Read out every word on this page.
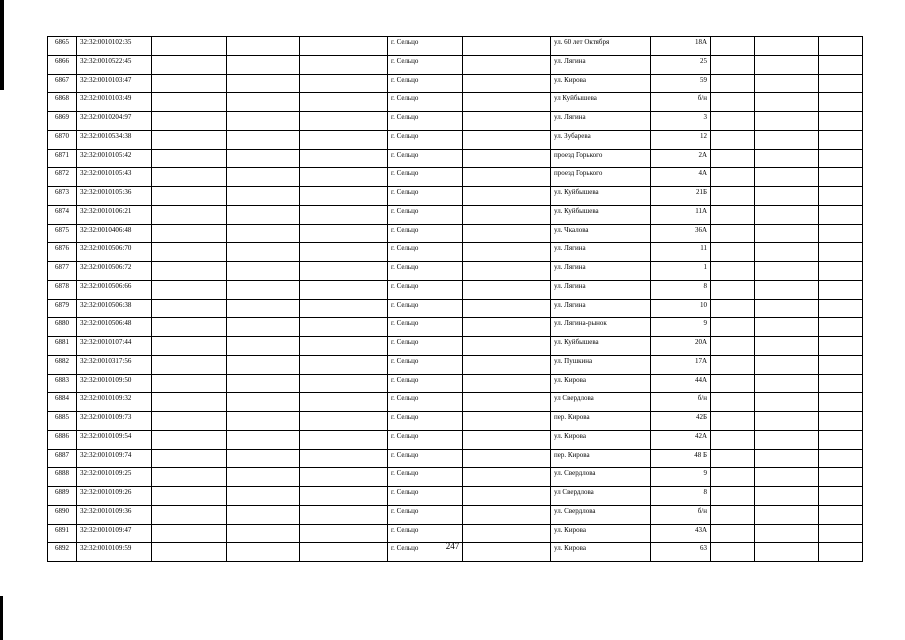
6865	32:32:0010102:35				г. Сельцо		ул. 60 лет Октября	18А			
6866	32:32:0010522:45				г. Сельцо		ул. Лягина	25			
6867	32:32:0010103:47				г. Сельцо		ул. Кирова	59			
6868	32:32:0010103:49				г. Сельцо		ул Куйбышева	б/н			
6869	32:32:0010204:97				г. Сельцо		ул. Лягина	3			
6870	32:32:0010534:38				г. Сельцо		ул. Зубарева	12			
6871	32:32:0010105:42				г. Сельцо		проезд Горького	2А			
6872	32:32:0010105:43				г. Сельцо		проезд Горького	4А			
6873	32:32:0010105:36				г. Сельцо		ул. Куйбышева	21Б			
6874	32:32:0010106:21				г. Сельцо		ул. Куйбышева	11А			
6875	32:32:0010406:48				г. Сельцо		ул. Чкалова	36А			
6876	32:32:0010506:70				г. Сельцо		ул. Лягина	11			
6877	32:32:0010506:72				г. Сельцо		ул. Лягина	1			
6878	32:32:0010506:66				г. Сельцо		ул. Лягина	8			
6879	32:32:0010506:38				г. Сельцо		ул. Лягина	10			
6880	32:32:0010506:48				г. Сельцо		ул. Лягина-рынок	9			
6881	32:32:0010107:44				г. Сельцо		ул. Куйбышева	20А			
6882	32:32:0010317:56				г. Сельцо		ул. Пушкина	17А			
6883	32:32:0010109:50				г. Сельцо		ул. Кирова	44А			
6884	32:32:0010109:32				г. Сельцо		ул Свердлова	б/н			
6885	32:32:0010109:73				г. Сельцо		пер. Кирова	42Б			
6886	32:32:0010109:54				г. Сельцо		ул. Кирова	42А			
6887	32:32:0010109:74				г. Сельцо		пер. Кирова	48 Б			
6888	32:32:0010109:25				г. Сельцо		ул. Свердлова	9			
6889	32:32:0010109:26				г. Сельцо		ул Свердлова	8			
6890	32:32:0010109:36				г. Сельцо		ул. Свердлова	б/н			
6891	32:32:0010109:47				г. Сельцо		ул. Кирова	43А			
6892	32:32:0010109:59				г. Сельцо		ул. Кирова	63			
247
